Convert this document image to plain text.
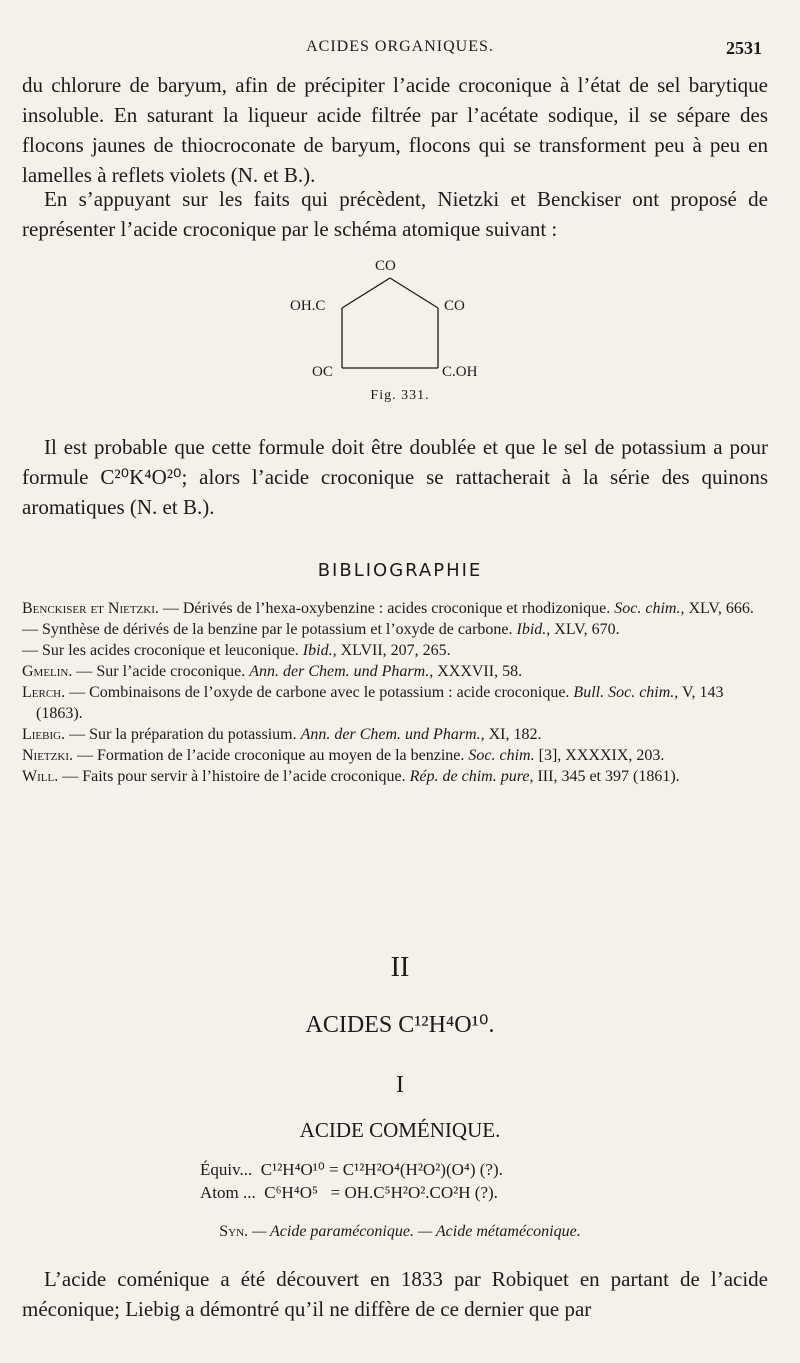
ACIDES ORGANIQUES.	2531

du chlorure de baryum, afin de précipiter l’acide croconique à l’état de sel barytique insoluble. En saturant la liqueur acide filtrée par l’acétate sodique, il se sépare des flocons jaunes de thiocroconate de baryum, flocons qui se transforment peu à peu en lamelles à reflets violets (N. et B.).

En s’appuyant sur les faits qui précèdent, Nietzki et Benckiser ont proposé de représenter l’acide croconique par le schéma atomique suivant :

CO
OH.C	CO
OC	C.OH
Fig. 331.

Il est probable que cette formule doit être doublée et que le sel de potassium a pour formule C²⁰K⁴O²⁰; alors l’acide croconique se rattacherait à la série des quinons aromatiques (N. et B.).

BIBLIOGRAPHIE

Benckiser et Nietzki. — Dérivés de l’hexa-oxybenzine : acides croconique et rhodizonique. Soc. chim., XLV, 666.

— Synthèse de dérivés de la benzine par le potassium et l’oxyde de carbone. Ibid., XLV, 670.

— Sur les acides croconique et leuconique. Ibid., XLVII, 207, 265.

Gmelin. — Sur l’acide croconique. Ann. der Chem. und Pharm., XXXVII, 58.

Lerch. — Combinaisons de l’oxyde de carbone avec le potassium : acide croconique. Bull. Soc. chim., V, 143 (1863).

Liebig. — Sur la préparation du potassium. Ann. der Chem. und Pharm., XI, 182.

Nietzki. — Formation de l’acide croconique au moyen de la benzine. Soc. chim. [3], XXXXIX, 203.

Will. — Faits pour servir à l’histoire de l’acide croconique. Rép. de chim. pure, III, 345 et 397 (1861).

II
ACIDES C¹²H⁴O¹⁰.
I
ACIDE COMÉNIQUE.
Équiv... C¹²H⁴O¹⁰ = C¹²H²O⁴(H²O²)(O⁴) (?).
Atom ... C⁶H⁴O⁵   = OH.C⁵H²O².CO²H (?).
Syn. — Acide paraméconique. — Acide métaméconique.

L’acide coménique a été découvert en 1833 par Robiquet en partant de l’acide méconique; Liebig a démontré qu’il ne diffère de ce dernier que par
